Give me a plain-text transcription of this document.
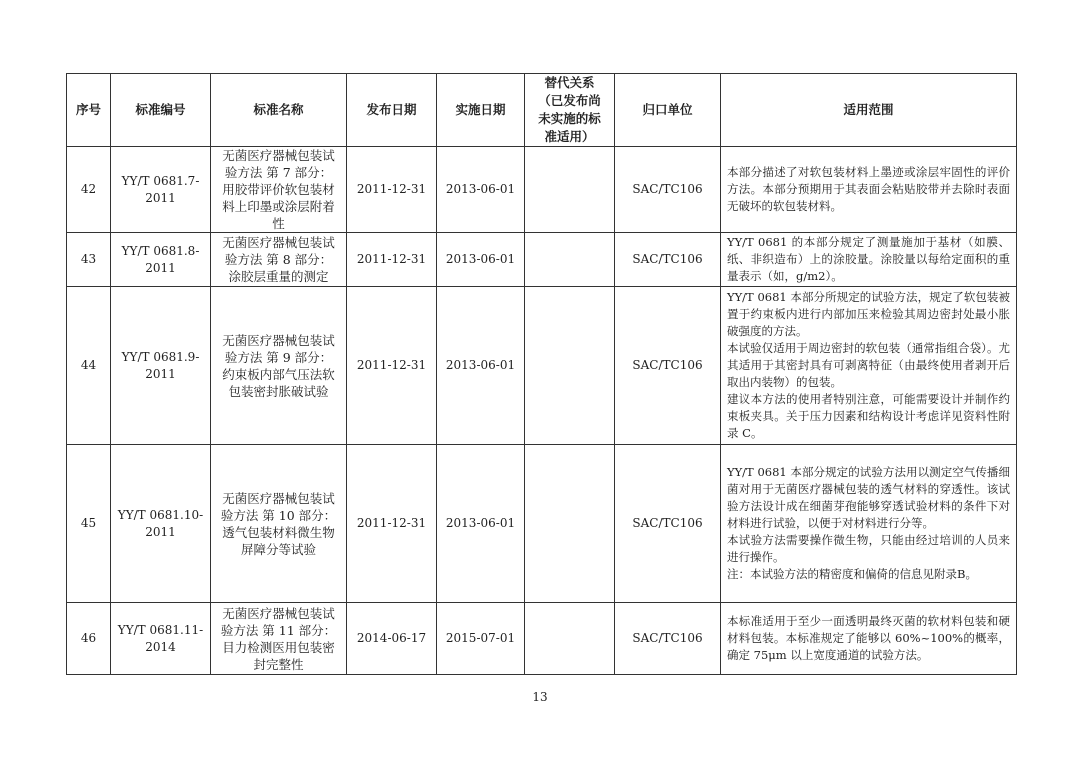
序号	标准编号	标准名称	发布日期	实施日期	替代关系（已发布尚未实施的标准适用）	归口单位	适用范围
42	YY/T 0681.7-2011	无菌医疗器械包装试验方法 第 7 部分：用胶带评价软包装材料上印墨或涂层附着性	2011-12-31	2013-06-01		SAC/TC106	本部分描述了对软包装材料上墨迹或涂层牢固性的评价方法。本部分预期用于其表面会粘贴胶带并去除时表面无破坏的软包装材料。

43	YY/T 0681.8-2011	无菌医疗器械包装试验方法 第 8 部分：涂胶层重量的测定	2011-12-31	2013-06-01		SAC/TC106	YY/T 0681 的本部分规定了测量施加于基材（如膜、纸、非织造布）上的涂胶量。涂胶量以每给定面积的重量表示（如，g/m2）。

44	YY/T 0681.9-2011	无菌医疗器械包装试验方法 第 9 部分：约束板内部气压法软包装密封胀破试验	2011-12-31	2013-06-01		SAC/TC106	YY/T 0681 本部分所规定的试验方法，规定了软包装被置于约束板内进行内部加压来检验其周边密封处最小胀破强度的方法。
本试验仅适用于周边密封的软包装（通常指组合袋）。尤其适用于其密封具有可剥离特征（由最终使用者剥开后取出内装物）的包装。
建议本方法的使用者特别注意，可能需要设计并制作约束板夹具。关于压力因素和结构设计考虑详见资料性附录 C。

45	YY/T 0681.10-2011	无菌医疗器械包装试验方法 第 10 部分：透气包装材料微生物屏障分等试验	2011-12-31	2013-06-01		SAC/TC106	YY/T 0681 本部分规定的试验方法用以测定空气传播细菌对用于无菌医疗器械包装的透气材料的穿透性。该试验方法设计成在细菌芽孢能够穿透试验材料的条件下对材料进行试验，以便于对材料进行分等。
本试验方法需要操作微生物，只能由经过培训的人员来进行操作。
注：本试验方法的精密度和偏倚的信息见附录B。

46	YY/T 0681.11-2014	无菌医疗器械包装试验方法 第 11 部分：目力检测医用包装密封完整性	2014-06-17	2015-07-01		SAC/TC106	本标准适用于至少一面透明最终灭菌的软材料包装和硬材料包装。本标准规定了能够以 60%~100%的概率，确定 75μm 以上宽度通道的试验方法。
13
